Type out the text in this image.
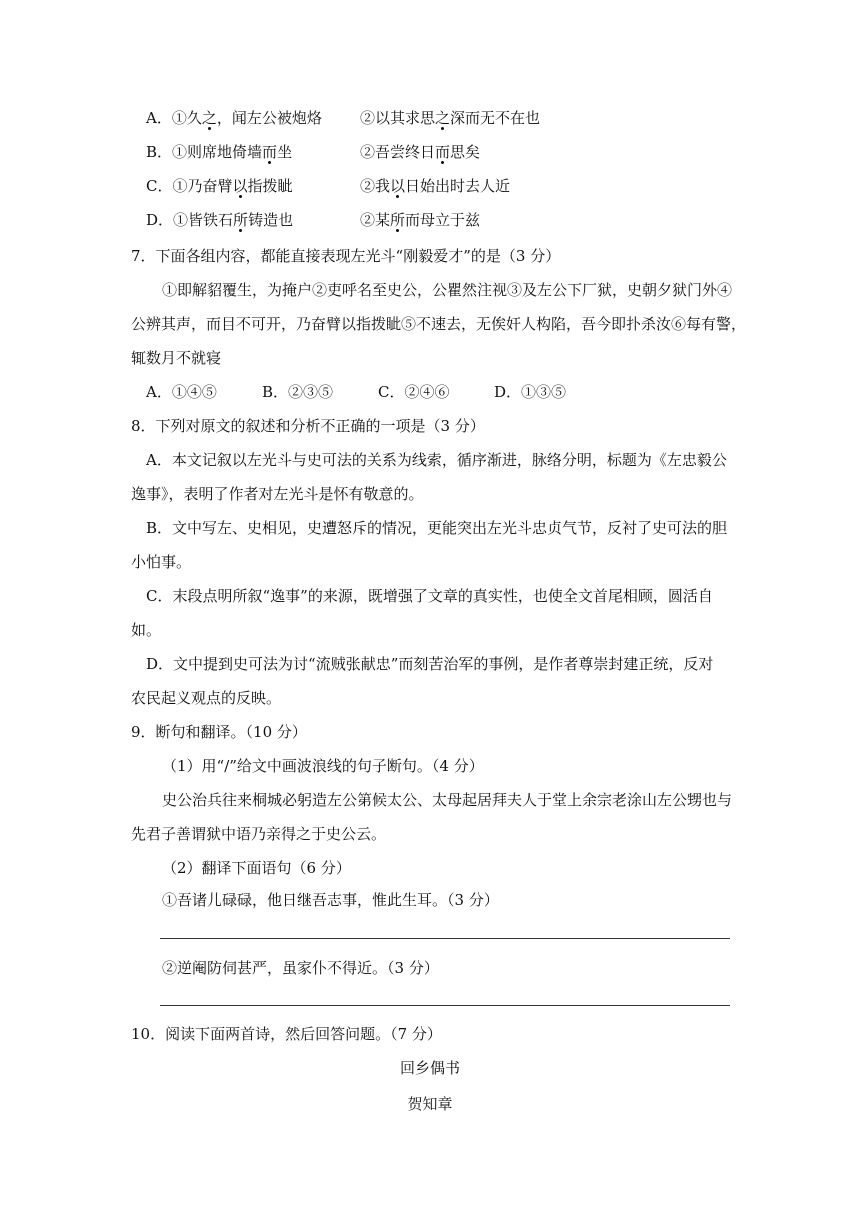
A．①久之，闻左公被炮烙	②以其求思之深而无不在也
B．①则席地倚墙而坐	②吾尝终日而思矣
C．①乃奋臂以指拨眦	②我以日始出时去人近
D．①皆铁石所铸造也	②某所而母立于兹
7．下面各组内容，都能直接表现左光斗“刚毅爱才”的是（3 分）
①即解貂覆生，为掩户②吏呼名至史公，公瞿然注视③及左公下厂狱，史朝夕狱门外④
公辨其声，而目不可开，乃奋臂以指拨眦⑤不速去，无俟奸人构陷，吾今即扑杀汝⑥每有警，
辄数月不就寝
A．①④⑤	B．②③⑤	C．②④⑥	D．①③⑤
8．下列对原文的叙述和分析不正确的一项是（3 分）
A．本文记叙以左光斗与史可法的关系为线索，循序渐进，脉络分明，标题为《左忠毅公
逸事》，表明了作者对左光斗是怀有敬意的。
B．文中写左、史相见，史遭怒斥的情况，更能突出左光斗忠贞气节，反衬了史可法的胆
小怕事。
C．末段点明所叙“逸事”的来源，既增强了文章的真实性，也使全文首尾相顾，圆活自
如。
D．文中提到史可法为讨“流贼张献忠”而刻苦治军的事例，是作者尊崇封建正统，反对
农民起义观点的反映。
9．断句和翻译。（10 分）
（1）用“/”给文中画波浪线的句子断句。（4 分）
史公治兵往来桐城必躬造左公第候太公、太母起居拜夫人于堂上余宗老涂山左公甥也与
先君子善谓狱中语乃亲得之于史公云。
（2）翻译下面语句（6 分）
①吾诸儿碌碌，他日继吾志事，惟此生耳。（3 分）
②逆阉防伺甚严，虽家仆不得近。（3 分）
10．阅读下面两首诗，然后回答问题。（7 分）
回乡偶书
贺知章
